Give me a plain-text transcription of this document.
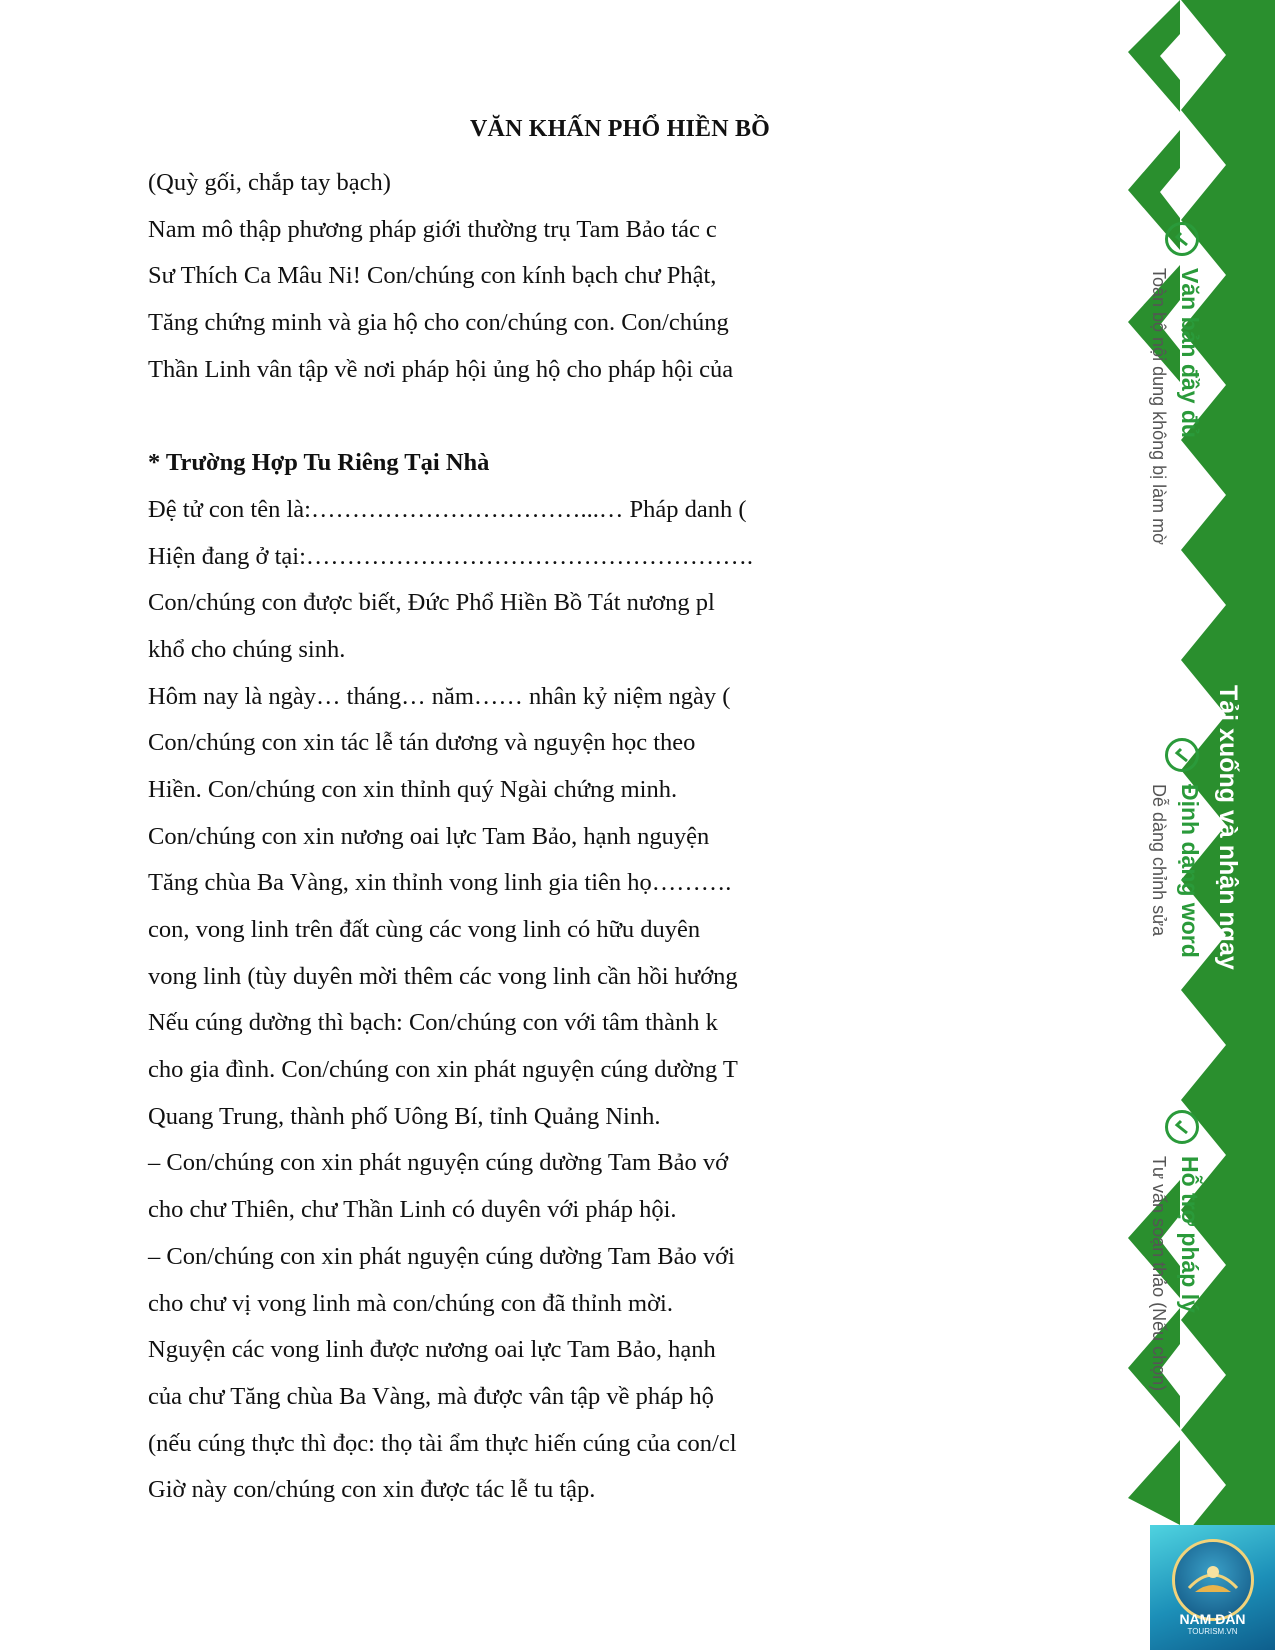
VĂN KHẤN PHỔ HIỀN BỒ
(Quỳ gối, chắp tay bạch)
Nam mô thập phương pháp giới thường trụ Tam Bảo tác c
Sư Thích Ca Mâu Ni! Con/chúng con kính bạch chư Phật,
Tăng chứng minh và gia hộ cho con/chúng con. Con/chúng
Thần Linh vân tập về nơi pháp hội ủng hộ cho pháp hội của
* Trường Hợp Tu Riêng Tại Nhà
Đệ tử con tên là:……………………………...… Pháp danh (
Hiện đang ở tại:……………………………………………….
Con/chúng con được biết, Đức Phổ Hiền Bồ Tát nương pl
khổ cho chúng sinh.
Hôm nay là ngày… tháng… năm…… nhân kỷ niệm ngày (
Con/chúng con xin tác lễ tán dương và nguyện học theo
Hiền. Con/chúng con xin thỉnh quý Ngài chứng minh.
Con/chúng con xin nương oai lực Tam Bảo, hạnh nguyện
Tăng chùa Ba Vàng, xin thỉnh vong linh gia tiên họ……….
con, vong linh trên đất cùng các vong linh có hữu duyên
vong linh (tùy duyên mời thêm các vong linh cần hồi hướng
Nếu cúng dường thì bạch: Con/chúng con với tâm thành k
cho gia đình. Con/chúng con xin phát nguyện cúng dường T
Quang Trung, thành phố Uông Bí, tỉnh Quảng Ninh.
– Con/chúng con xin phát nguyện cúng dường Tam Bảo vớ
cho chư Thiên, chư Thần Linh có duyên với pháp hội.
– Con/chúng con xin phát nguyện cúng dường Tam Bảo với
cho chư vị vong linh mà con/chúng con đã thỉnh mời.
Nguyện các vong linh được nương oai lực Tam Bảo, hạnh
của chư Tăng chùa Ba Vàng, mà được vân tập về pháp hộ
(nếu cúng thực thì đọc: thọ tài ẩm thực hiến cúng của con/cl
Giờ này con/chúng con xin được tác lễ tu tập.
Văn bản đầy đủ
Toàn bộ nội dung không bị làm mờ
Định dạng word
Dễ dàng chỉnh sửa
Hỗ trợ pháp lý
Tư vấn soạn thảo (Nếu chọn)
Tải xuống và nhận ngay
NAM ĐÀN
TOURISM.VN
